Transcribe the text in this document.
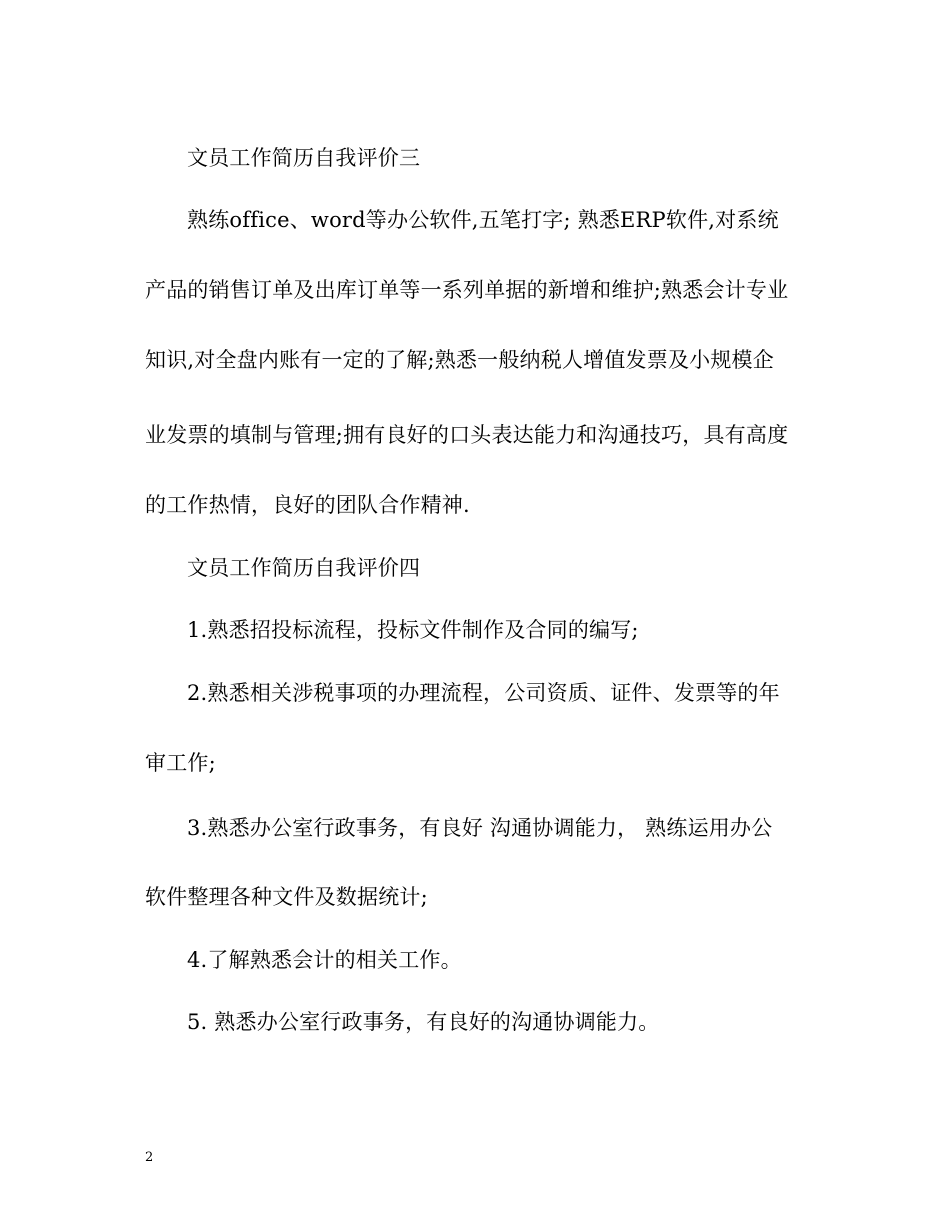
文员工作简历自我评价三
熟练office、word等办公软件,五笔打字; 熟悉ERP软件,对系统
产品的销售订单及出库订单等一系列单据的新增和维护;熟悉会计专业
知识,对全盘内账有一定的了解;熟悉一般纳税人增值发票及小规模企
业发票的填制与管理;拥有良好的口头表达能力和沟通技巧，具有高度
的工作热情，良好的团队合作精神.
文员工作简历自我评价四
1.熟悉招投标流程，投标文件制作及合同的编写;
2.熟悉相关涉税事项的办理流程，公司资质、证件、发票等的年
审工作;
3.熟悉办公室行政事务，有良好 沟通协调能力， 熟练运用办公
软件整理各种文件及数据统计;
4.了解熟悉会计的相关工作。
5. 熟悉办公室行政事务，有良好的沟通协调能力。
2
